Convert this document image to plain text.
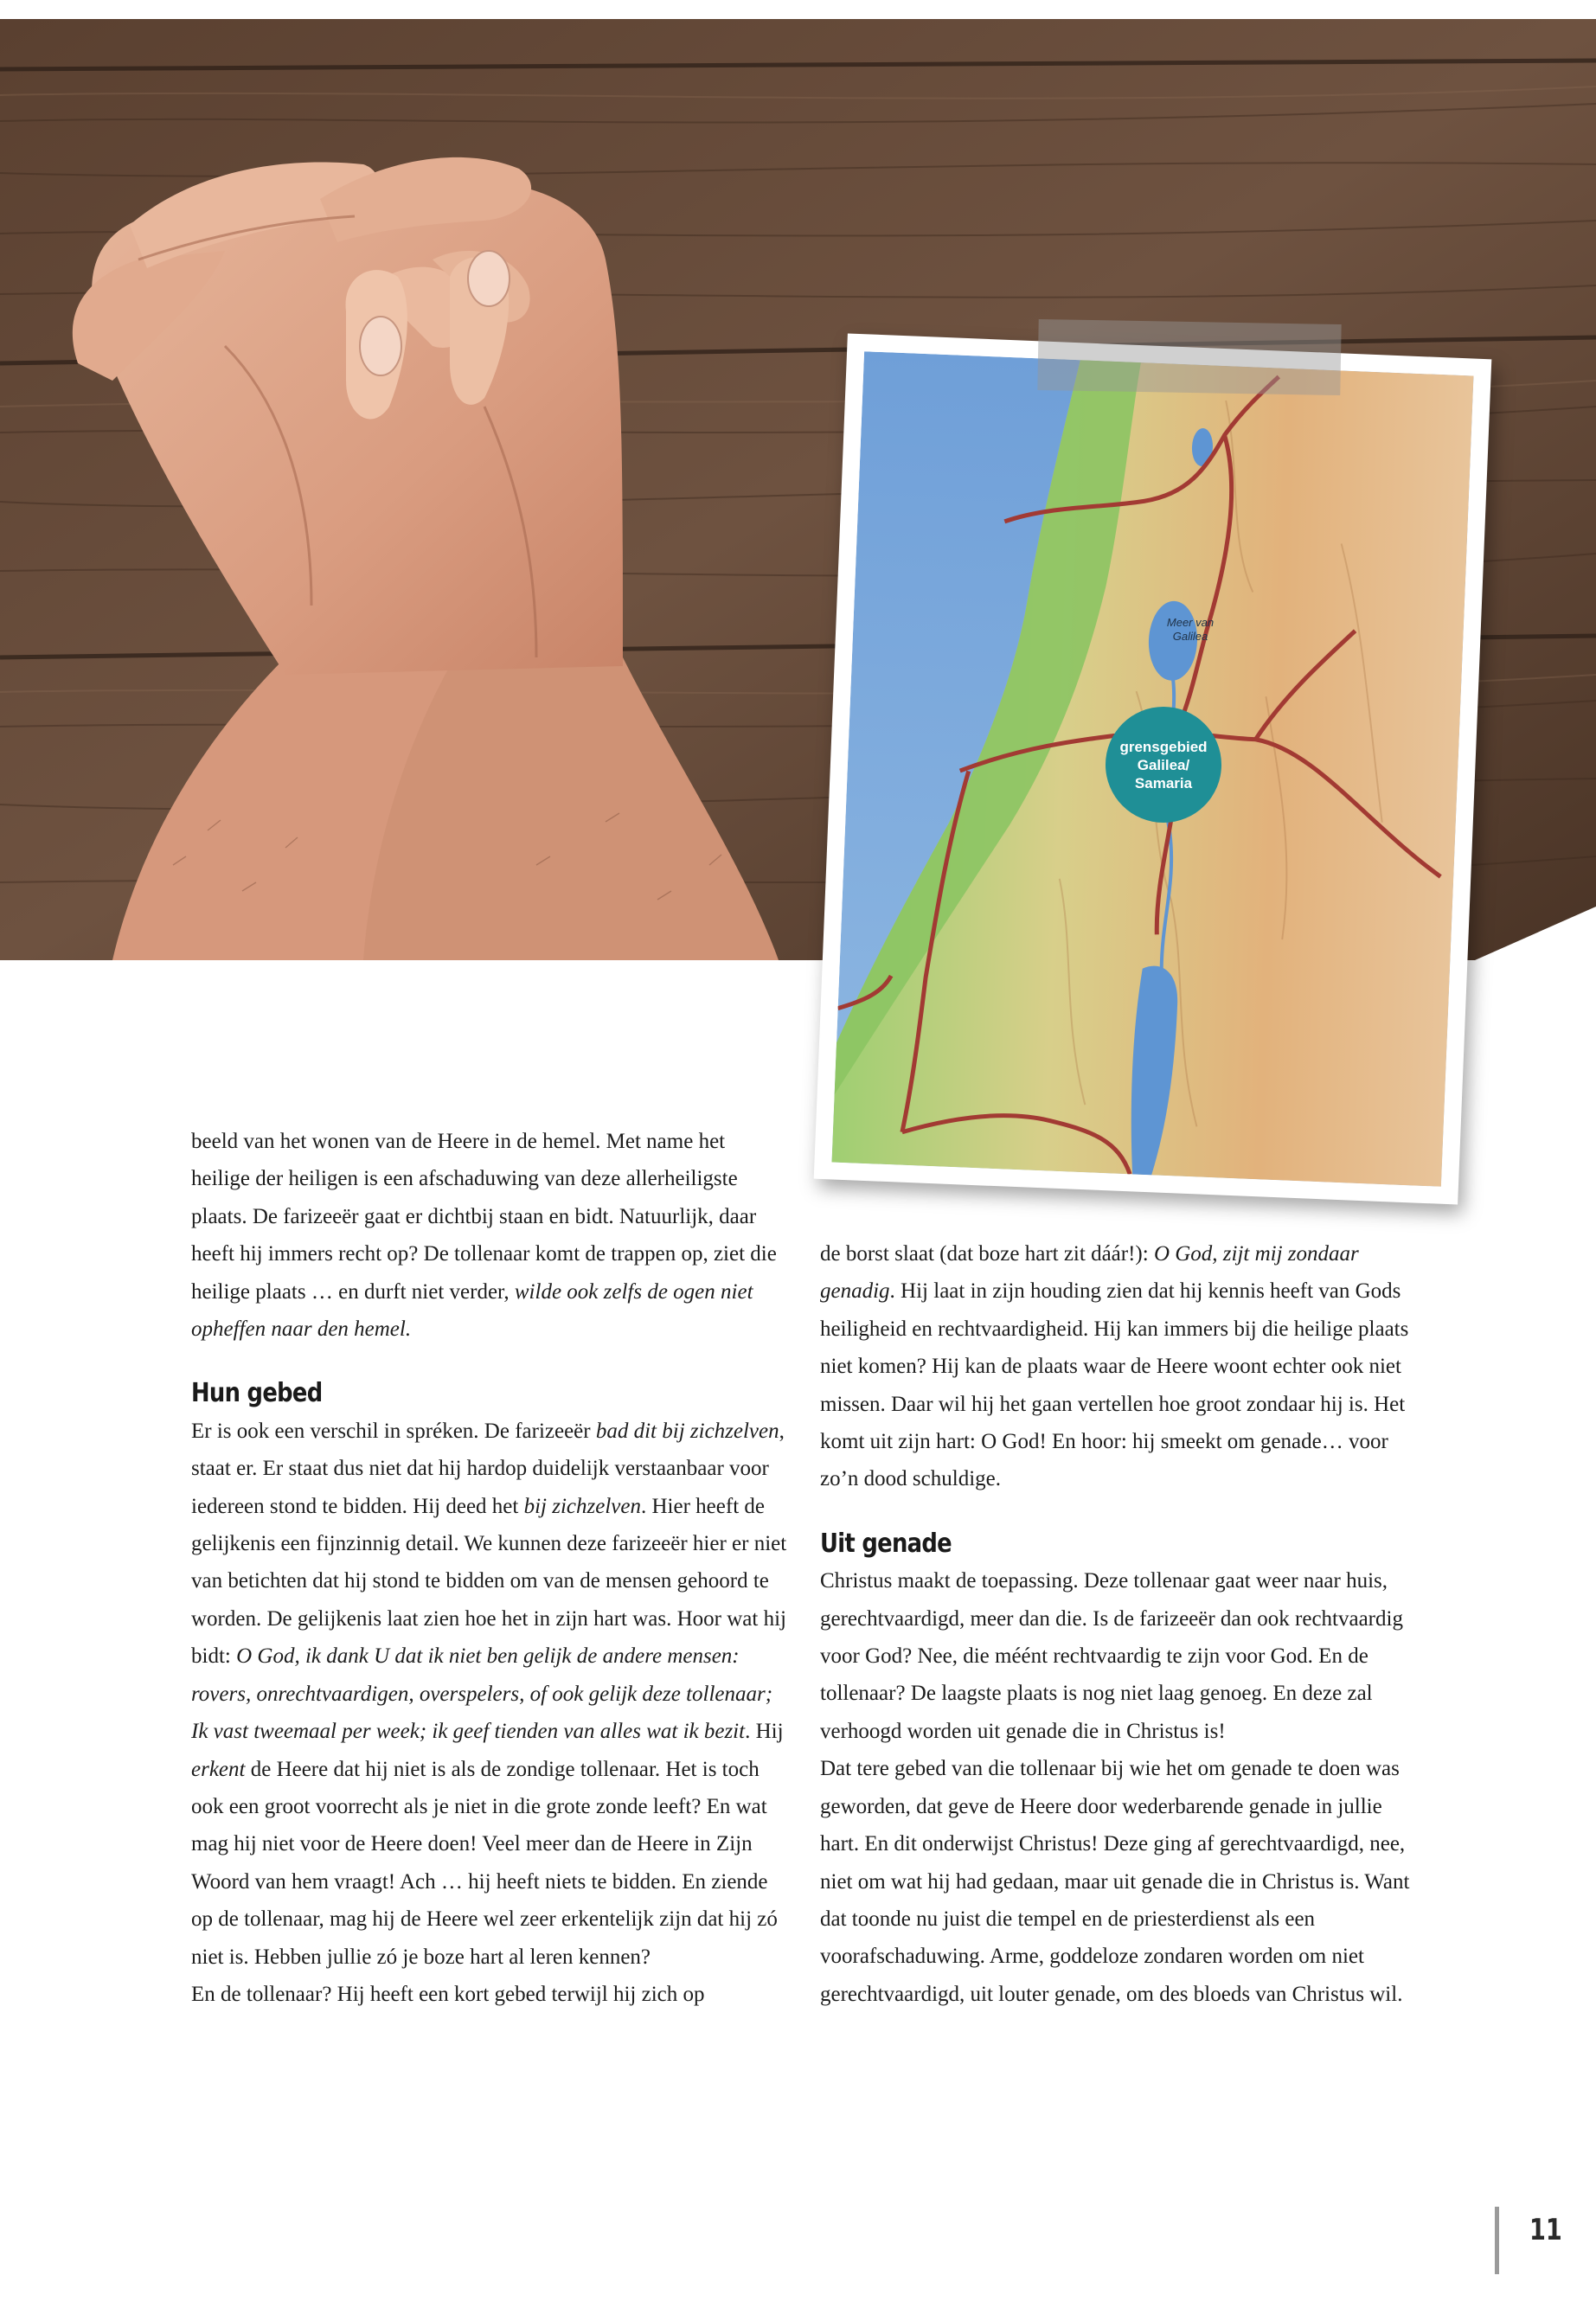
Meer van
Galilea
grensgebied
Galilea/
Samaria

beeld van het wonen van de Heere in de hemel. Met name het heilige der heiligen is een afschaduwing van deze allerheiligste plaats. De farizeeër gaat er dichtbij staan en bidt. Natuurlijk, daar heeft hij immers recht op? De tollenaar komt de trappen op, ziet die heilige plaats … en durft niet verder, wilde ook zelfs de ogen niet opheffen naar den hemel.

Hun gebed

Er is ook een verschil in spréken. De farizeeër bad dit bij zichzelven, staat er. Er staat dus niet dat hij hardop duidelijk verstaanbaar voor iedereen stond te bidden. Hij deed het bij zichzelven. Hier heeft de gelijkenis een fijnzinnig detail. We kunnen deze farizeeër hier er niet van betichten dat hij stond te bidden om van de mensen gehoord te worden. De gelijkenis laat zien hoe het in zijn hart was. Hoor wat hij bidt: O God, ik dank U dat ik niet ben gelijk de andere mensen: rovers, onrechtvaardigen, overspelers, of ook gelijk deze tollenaar; Ik vast tweemaal per week; ik geef tienden van alles wat ik bezit. Hij erkent de Heere dat hij niet is als de zondige tollenaar. Het is toch ook een groot voorrecht als je niet in die grote zonde leeft? En wat mag hij niet voor de Heere doen! Veel meer dan de Heere in Zijn Woord van hem vraagt! Ach … hij heeft niets te bidden. En ziende op de tollenaar, mag hij de Heere wel zeer erkentelijk zijn dat hij zó niet is. Hebben jullie zó je boze hart al leren kennen?

En de tollenaar? Hij heeft een kort gebed terwijl hij zich op

de borst slaat (dat boze hart zit dáár!): O God, zijt mij zondaar genadig. Hij laat in zijn houding zien dat hij kennis heeft van Gods heiligheid en rechtvaardigheid. Hij kan immers bij die heilige plaats niet komen? Hij kan de plaats waar de Heere woont echter ook niet missen. Daar wil hij het gaan vertellen hoe groot zondaar hij is. Het komt uit zijn hart: O God! En hoor: hij smeekt om genade… voor zo’n dood schuldige.

Uit genade

Christus maakt de toepassing. Deze tollenaar gaat weer naar huis, gerechtvaardigd, meer dan die. Is de farizeeër dan ook rechtvaardig voor God? Nee, die méént rechtvaardig te zijn voor God. En de tollenaar? De laagste plaats is nog niet laag genoeg. En deze zal verhoogd worden uit genade die in Christus is!

Dat tere gebed van die tollenaar bij wie het om genade te doen was geworden, dat geve de Heere door wederbarende genade in jullie hart. En dit onderwijst Christus! Deze ging af gerechtvaardigd, nee, niet om wat hij had gedaan, maar uit genade die in Christus is. Want dat toonde nu juist die tempel en de priesterdienst als een voorafschaduwing. Arme, goddeloze zondaren worden om niet gerechtvaardigd, uit louter genade, om des bloeds van Christus wil.

11
